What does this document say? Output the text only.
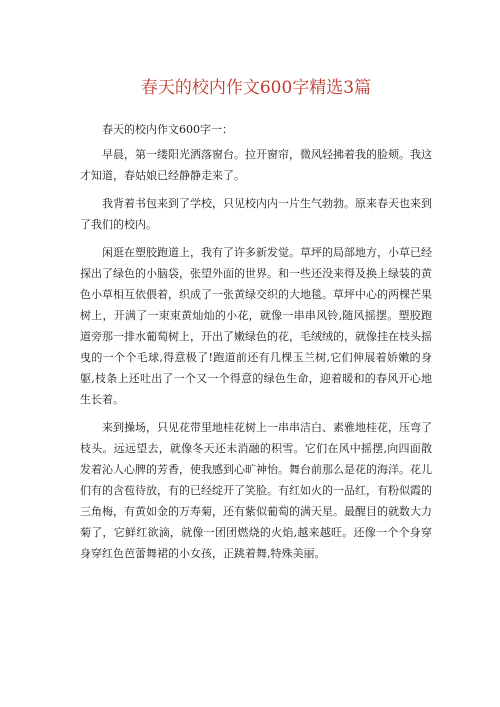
春天的校内作文600字精选3篇

春天的校内作文600字一：

早晨，第一缕阳光洒落窗台。拉开窗帘，微风轻拂着我的脸颊。我这才知道，春姑娘已经静静走来了。

我背着书包来到了学校，只见校内内一片生气勃勃。原来春天也来到了我们的校内。

闲逛在塑胶跑道上，我有了许多新发觉。草坪的局部地方，小草已经探出了绿色的小脑袋，张望外面的世界。和一些还没来得及换上绿装的黄色小草相互依偎着，织成了一张黄绿交织的大地毯。草坪中心的两棵芒果树上，开满了一束束黄灿灿的小花，就像一串串风铃,随风摇摆。塑胶跑道旁那一排水葡萄树上，开出了嫩绿色的花，毛绒绒的，就像挂在枝头摇曳的一个个毛球,得意极了!跑道前还有几棵玉兰树,它们伸展着娇嫩的身躯,枝条上还吐出了一个又一个得意的绿色生命，迎着暖和的春风开心地生长着。

来到操场，只见花带里地桂花树上一串串洁白、素雅地桂花，压弯了枝头。远远望去，就像冬天还未消融的积雪。它们在风中摇摆,向四面散发着沁人心脾的芳香，使我感到心旷神怡。舞台前那么是花的海洋。花儿们有的含苞待放，有的已经绽开了笑脸。有红如火的一品红，有粉似霞的三角梅，有黄如金的万寿菊，还有紫似葡萄的满天星。最醒目的就数大力菊了，它鲜红欲滴，就像一团团燃烧的火焰,越来越旺。还像一个个身穿身穿红色芭蕾舞裙的小女孩，正跳着舞,特殊美丽。
